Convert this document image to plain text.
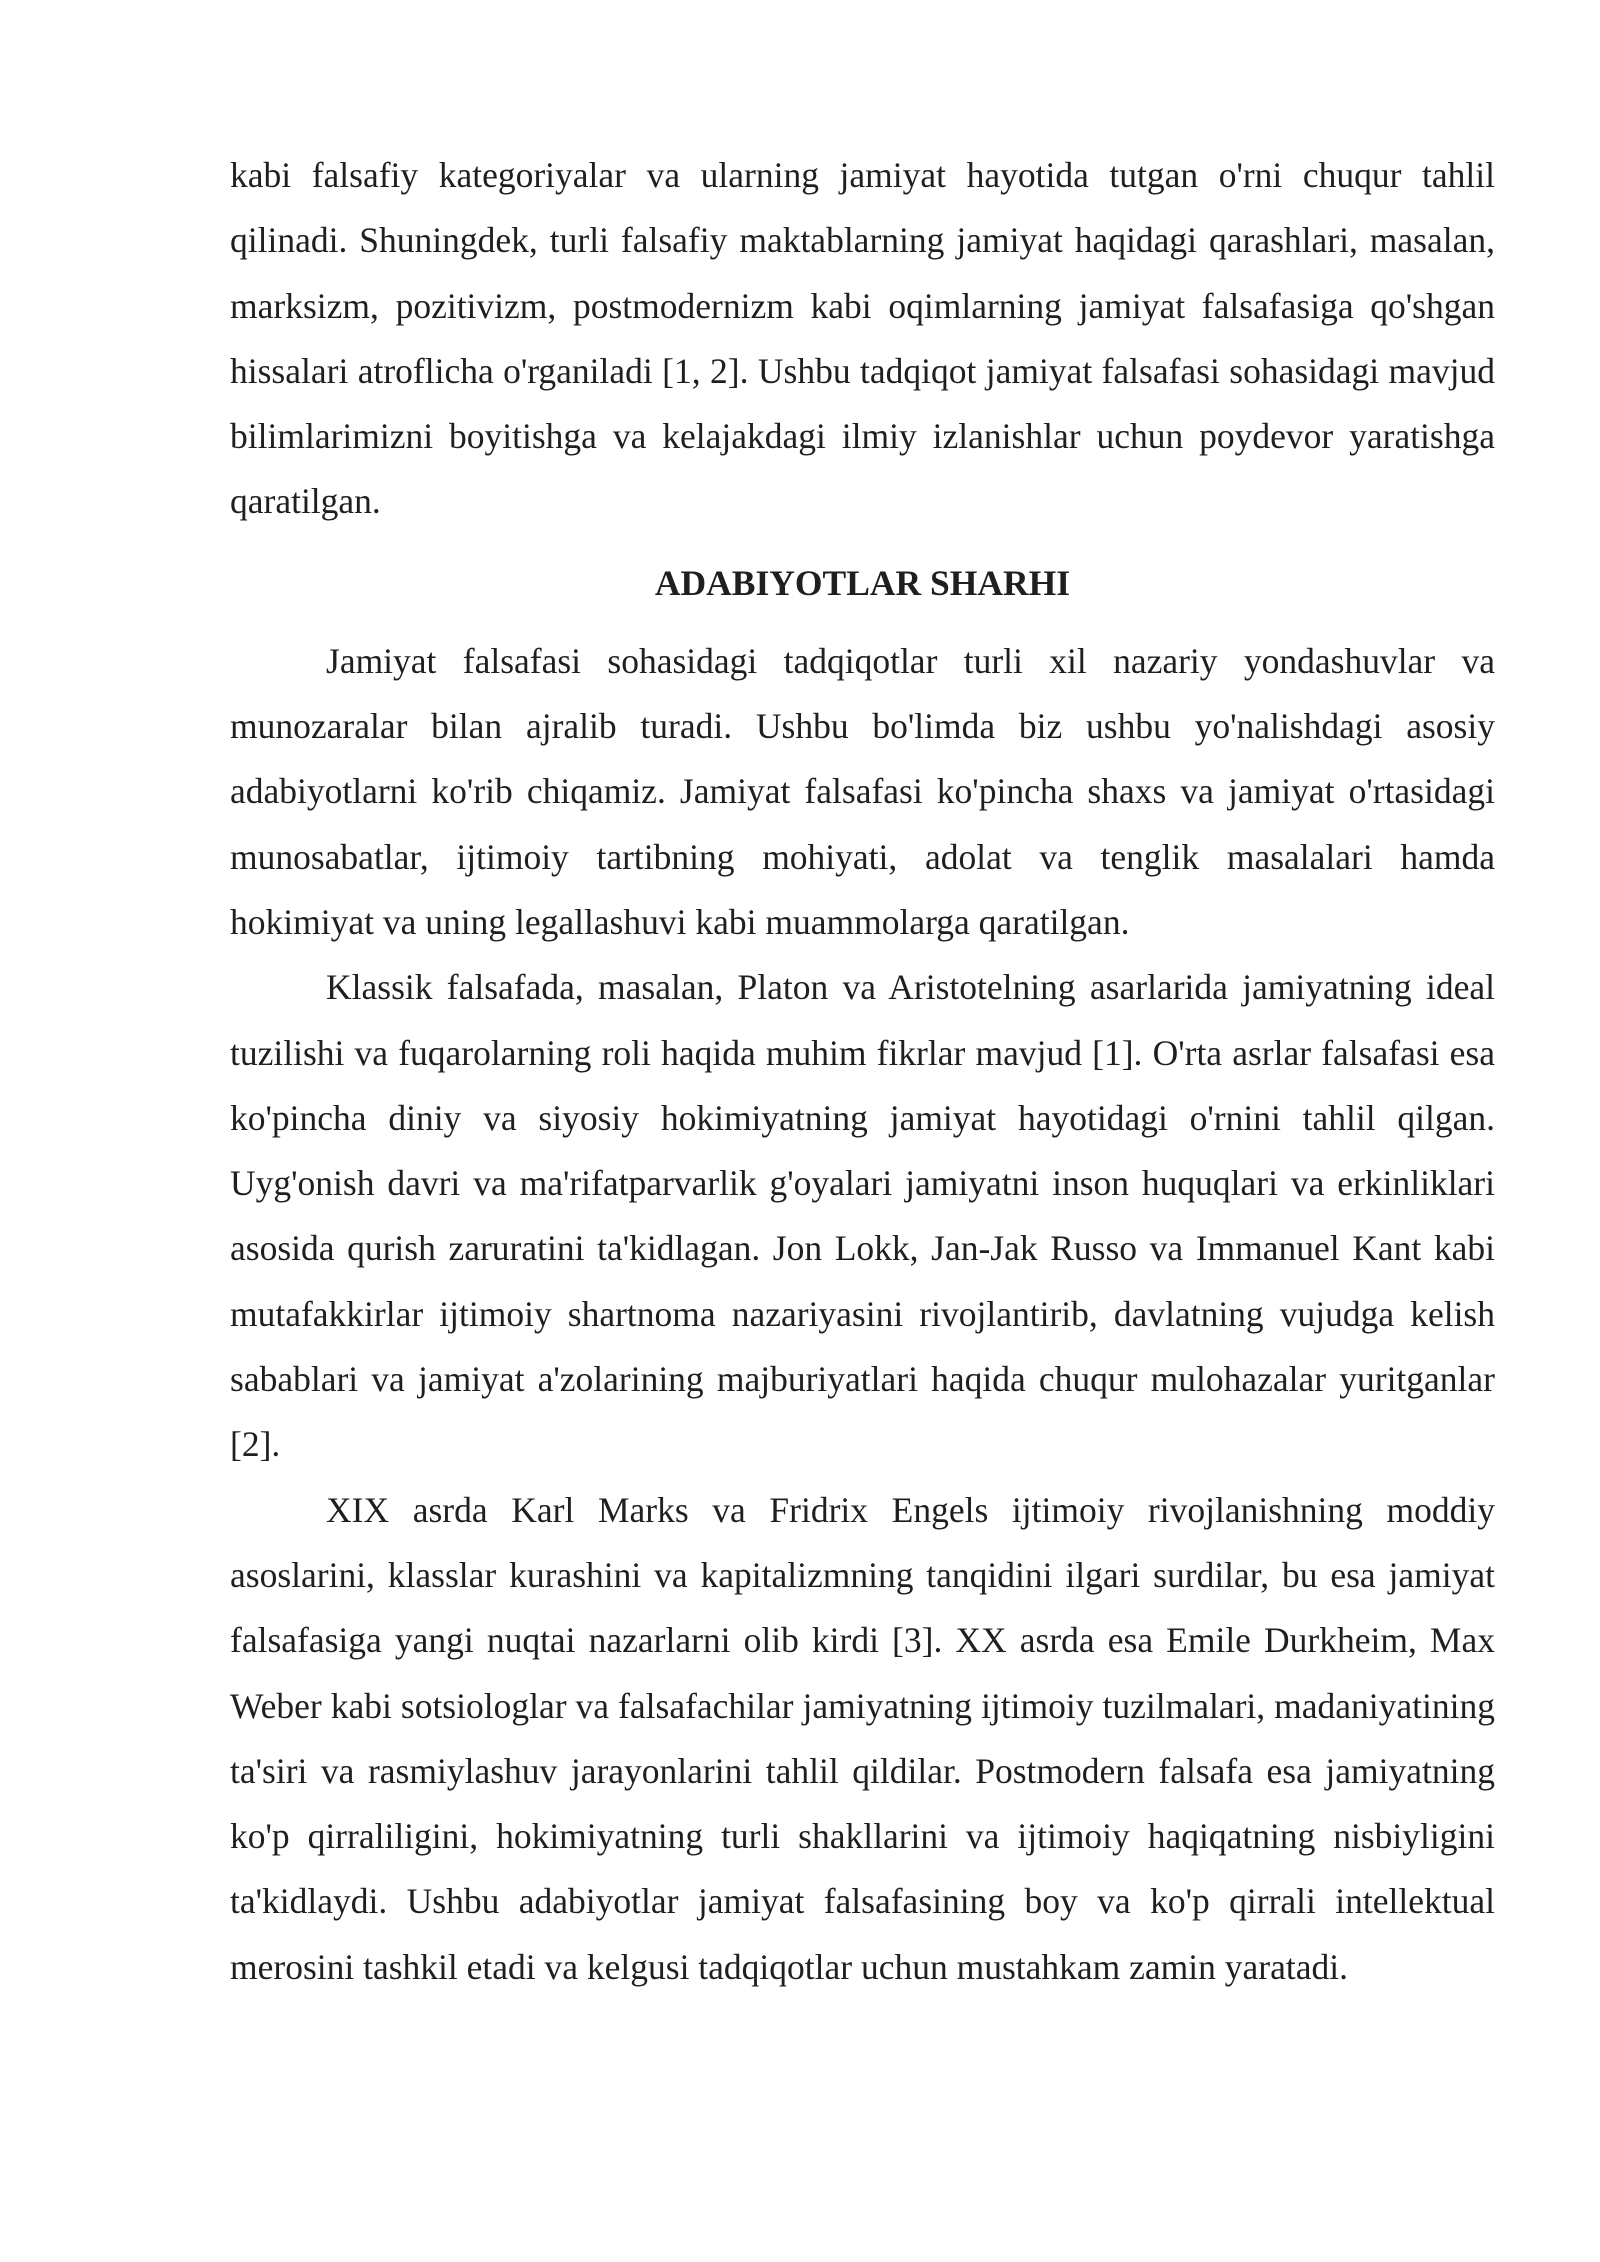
kabi falsafiy kategoriyalar va ularning jamiyat hayotida tutgan o'rni chuqur tahlil qilinadi. Shuningdek, turli falsafiy maktablarning jamiyat haqidagi qarashlari, masalan, marksizm, pozitivizm, postmodernizm kabi oqimlarning jamiyat falsafasiga qo'shgan hissalari atroflicha o'rganiladi [1, 2]. Ushbu tadqiqot jamiyat falsafasi sohasidagi mavjud bilimlarimizni boyitishga va kelajakdagi ilmiy izlanishlar uchun poydevor yaratishga qaratilgan.

ADABIYOTLAR SHARHI

Jamiyat falsafasi sohasidagi tadqiqotlar turli xil nazariy yondashuvlar va munozaralar bilan ajralib turadi. Ushbu bo'limda biz ushbu yo'nalishdagi asosiy adabiyotlarni ko'rib chiqamiz. Jamiyat falsafasi ko'pincha shaxs va jamiyat o'rtasidagi munosabatlar, ijtimoiy tartibning mohiyati, adolat va tenglik masalalari hamda hokimiyat va uning legallashuvi kabi muammolarga qaratilgan.

Klassik falsafada, masalan, Platon va Aristotelning asarlarida jamiyatning ideal tuzilishi va fuqarolarning roli haqida muhim fikrlar mavjud [1]. O'rta asrlar falsafasi esa ko'pincha diniy va siyosiy hokimiyatning jamiyat hayotidagi o'rnini tahlil qilgan. Uyg'onish davri va ma'rifatparvarlik g'oyalari jamiyatni inson huquqlari va erkinliklari asosida qurish zaruratini ta'kidlagan. Jon Lokk, Jan-Jak Russo va Immanuel Kant kabi mutafakkirlar ijtimoiy shartnoma nazariyasini rivojlantirib, davlatning vujudga kelish sabablari va jamiyat a'zolarining majburiyatlari haqida chuqur mulohazalar yuritganlar [2].

XIX asrda Karl Marks va Fridrix Engels ijtimoiy rivojlanishning moddiy asoslarini, klasslar kurashini va kapitalizmning tanqidini ilgari surdilar, bu esa jamiyat falsafasiga yangi nuqtai nazarlarni olib kirdi [3]. XX asrda esa Emile Durkheim, Max Weber kabi sotsiologlar va falsafachilar jamiyatning ijtimoiy tuzilmalari, madaniyatining ta'siri va rasmiylashuv jarayonlarini tahlil qildilar. Postmodern falsafa esa jamiyatning ko'p qirraliligini, hokimiyatning turli shakllarini va ijtimoiy haqiqatning nisbiyligini ta'kidlaydi. Ushbu adabiyotlar jamiyat falsafasining boy va ko'p qirrali intellektual merosini tashkil etadi va kelgusi tadqiqotlar uchun mustahkam zamin yaratadi.
